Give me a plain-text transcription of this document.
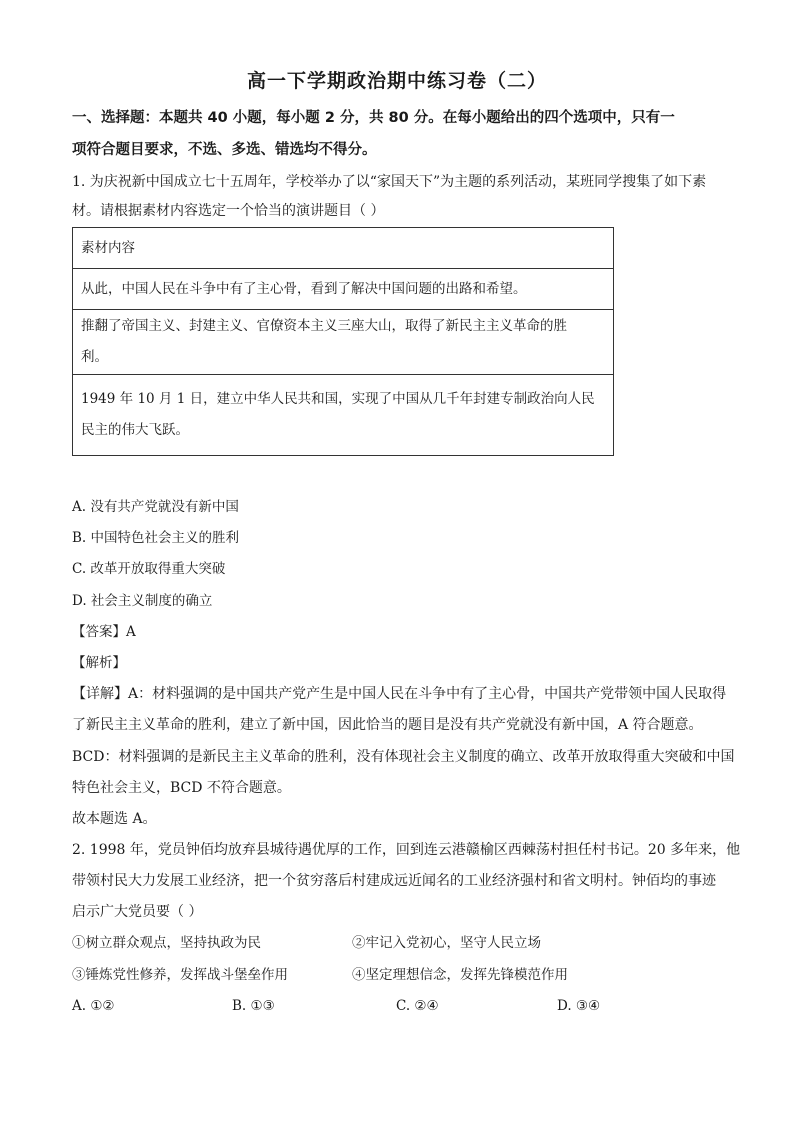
高一下学期政治期中练习卷（二）
一、选择题：本题共 40 小题，每小题 2 分，共 80 分。在每小题给出的四个选项中，只有一
项符合题目要求，不选、多选、错选均不得分。
1. 为庆祝新中国成立七十五周年，学校举办了以“家国天下”为主题的系列活动，某班同学搜集了如下素
材。请根据素材内容选定一个恰当的演讲题目（ ）
素材内容
从此，中国人民在斗争中有了主心骨，看到了解决中国问题的出路和希望。

推翻了帝国主义、封建主义、官僚资本主义三座大山，取得了新民主主义革命的胜
利。

1949 年 10 月 1 日，建立中华人民共和国，实现了中国从几千年封建专制政治向人民
民主的伟大飞跃。
A. 没有共产党就没有新中国
B. 中国特色社会主义的胜利
C. 改革开放取得重大突破
D. 社会主义制度的确立
【答案】A
【解析】
【详解】A：材料强调的是中国共产党产生是中国人民在斗争中有了主心骨，中国共产党带领中国人民取得
了新民主主义革命的胜利，建立了新中国，因此恰当的题目是没有共产党就没有新中国，A 符合题意。
BCD：材料强调的是新民主主义革命的胜利，没有体现社会主义制度的确立、改革开放取得重大突破和中国
特色社会主义，BCD 不符合题意。
故本题选 A。
2. 1998 年，党员钟佰均放弃县城待遇优厚的工作，回到连云港赣榆区西棘荡村担任村书记。20 多年来，他
带领村民大力发展工业经济，把一个贫穷落后村建成远近闻名的工业经济强村和省文明村。钟佰均的事迹
启示广大党员要（ ）
①树立群众观点，坚持执政为民	②牢记入党初心，坚守人民立场
③锤炼党性修养，发挥战斗堡垒作用	④坚定理想信念，发挥先锋模范作用
A. ①②	B. ①③	C. ②④	D. ③④
